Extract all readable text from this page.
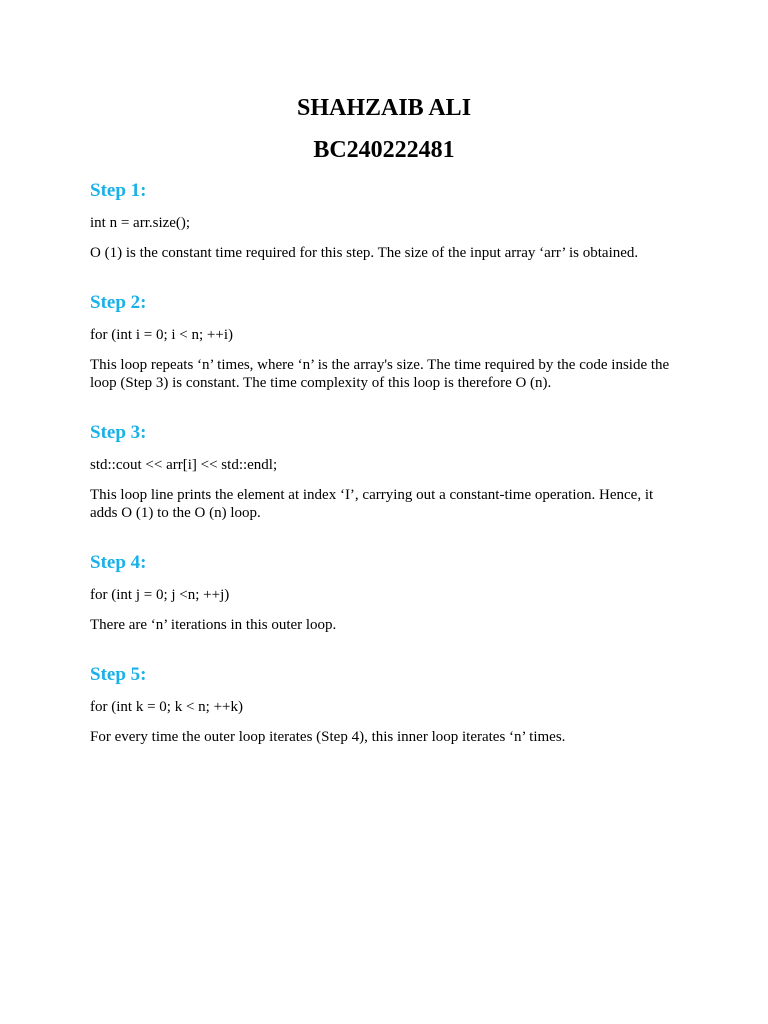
SHAHZAIB ALI
BC240222481
Step 1:

int n = arr.size();

O (1) is the constant time required for this step. The size of the input array ‘arr’ is obtained.

Step 2:

for (int i = 0; i < n; ++i)

This loop repeats ‘n’ times, where ‘n’ is the array's size. The time required by the code inside the loop (Step 3) is constant. The time complexity of this loop is therefore O (n).

Step 3:

std::cout << arr[i] << std::endl;

This loop line prints the element at index ‘I’, carrying out a constant-time operation. Hence, it adds O (1) to the O (n) loop.

Step 4:

for (int j = 0; j <n; ++j)

There are ‘n’ iterations in this outer loop.

Step 5:

for (int k = 0; k < n; ++k)

For every time the outer loop iterates (Step 4), this inner loop iterates ‘n’ times.
